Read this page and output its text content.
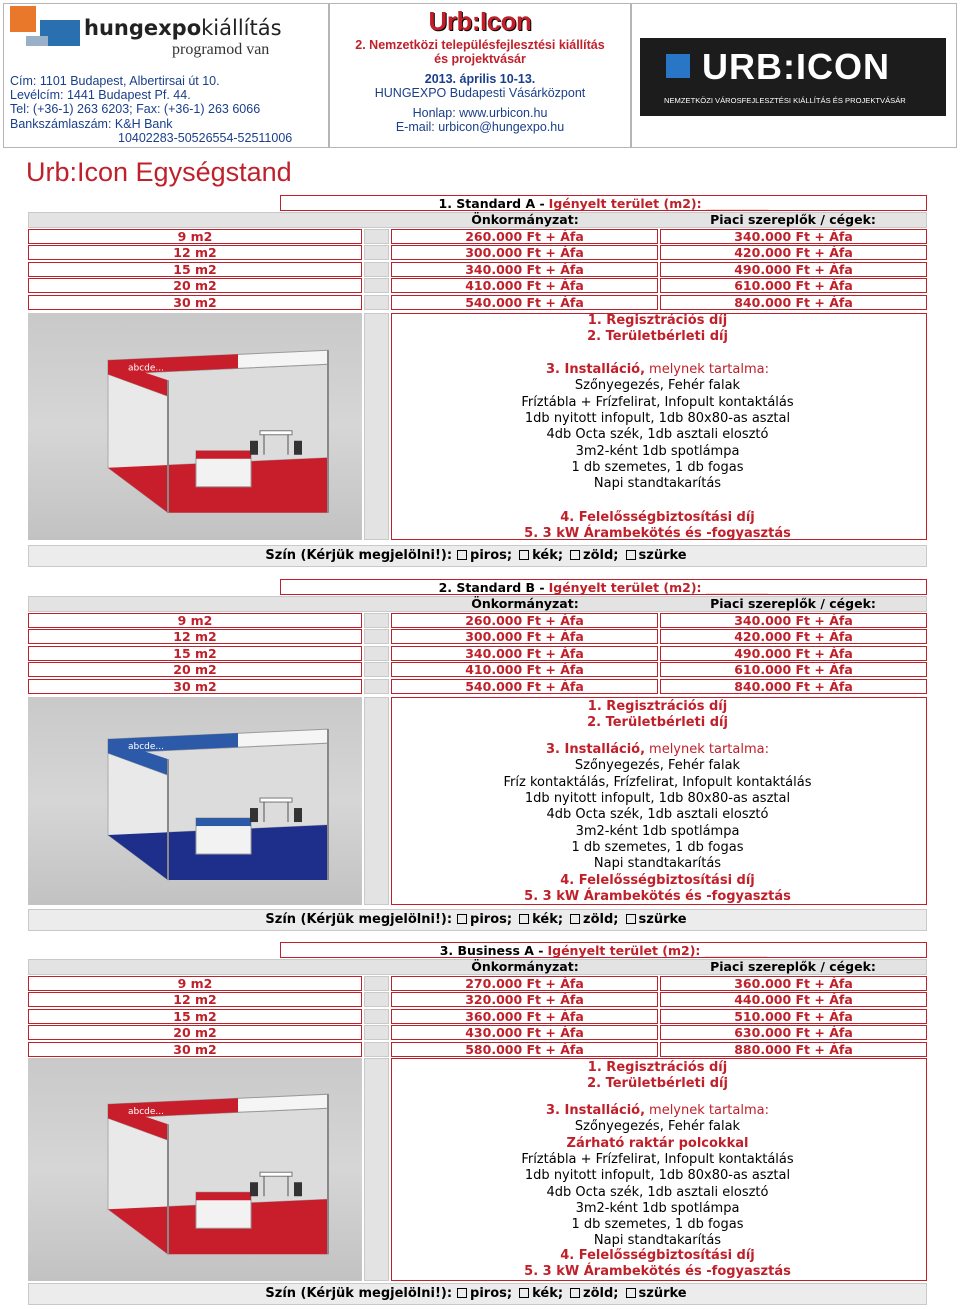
hungexpokiállítás
programod van
Cím: 1101 Budapest, Albertirsai út 10.
Levélcím: 1441 Budapest Pf. 44.
Tel: (+36-1) 263 6203; Fax: (+36-1) 263 6066
Bankszámlaszám: K&H Bank
10402283-50526554-52511006
Urb:Icon
2. Nemzetközi településfejlesztési kiállítás
és projektvásár
2013. április 10-13.
HUNGEXPO Budapesti Vásárközpont
Honlap: www.urbicon.hu
E-mail: urbicon@hungexpo.hu
URB:ICON
NEMZETKÖZI VÁROSFEJLESZTÉSI KIÁLLÍTÁS ÉS PROJEKTVÁSÁR
Urb:Icon Egységstand
1. Standard A - Igényelt terület (m2): __________
Önkormányzat:	Piaci szereplők / cégek:
9 m2	260.000 Ft + Áfa	340.000 Ft + Áfa
12 m2	300.000 Ft + Áfa	420.000 Ft + Áfa
15 m2	340.000 Ft + Áfa	490.000 Ft + Áfa
20 m2	410.000 Ft + Áfa	610.000 Ft + Áfa
30 m2	540.000 Ft + Áfa	840.000 Ft + Áfa
abcde...
1. Regisztrációs díj
2. Területbérleti díj
3. Installáció, melynek tartalma:
Szőnyegezés, Fehér falak
Fríztábla + Frízfelirat, Infopult kontaktálás
1db nyitott infopult, 1db 80x80-as asztal
4db Octa szék, 1db asztali elosztó
3m2-ként 1db spotlámpa
1 db szemetes, 1 db fogas
Napi standtakarítás
4. Felelősségbiztosítási díj
5. 3 kW Árambekötés és -fogyasztás
Szín (Kérjük megjelölni!): piros; kék; zöld; szürke
2. Standard B - Igényelt terület (m2): __________
Önkormányzat:	Piaci szereplők / cégek:
9 m2	260.000 Ft + Áfa	340.000 Ft + Áfa
12 m2	300.000 Ft + Áfa	420.000 Ft + Áfa
15 m2	340.000 Ft + Áfa	490.000 Ft + Áfa
20 m2	410.000 Ft + Áfa	610.000 Ft + Áfa
30 m2	540.000 Ft + Áfa	840.000 Ft + Áfa
abcde...
1. Regisztrációs díj
2. Területbérleti díj
3. Installáció, melynek tartalma:
Szőnyegezés, Fehér falak
Fríz kontaktálás, Frízfelirat, Infopult kontaktálás
1db nyitott infopult, 1db 80x80-as asztal
4db Octa szék, 1db asztali elosztó
3m2-ként 1db spotlámpa
1 db szemetes, 1 db fogas
Napi standtakarítás
4. Felelősségbiztosítási díj
5. 3 kW Árambekötés és -fogyasztás
Szín (Kérjük megjelölni!): piros; kék; zöld; szürke
3. Business A - Igényelt terület (m2): __________
Önkormányzat:	Piaci szereplők / cégek:
9 m2	270.000 Ft + Áfa	360.000 Ft + Áfa
12 m2	320.000 Ft + Áfa	440.000 Ft + Áfa
15 m2	360.000 Ft + Áfa	510.000 Ft + Áfa
20 m2	430.000 Ft + Áfa	630.000 Ft + Áfa
30 m2	580.000 Ft + Áfa	880.000 Ft + Áfa
abcde...
1. Regisztrációs díj
2. Területbérleti díj
3. Installáció, melynek tartalma:
Szőnyegezés, Fehér falak
Zárható raktár polcokkal
Fríztábla + Frízfelirat, Infopult kontaktálás
1db nyitott infopult, 1db 80x80-as asztal
4db Octa szék, 1db asztali elosztó
3m2-ként 1db spotlámpa
1 db szemetes, 1 db fogas
Napi standtakarítás
4. Felelősségbiztosítási díj
5. 3 kW Árambekötés és -fogyasztás
Szín (Kérjük megjelölni!): piros; kék; zöld; szürke
